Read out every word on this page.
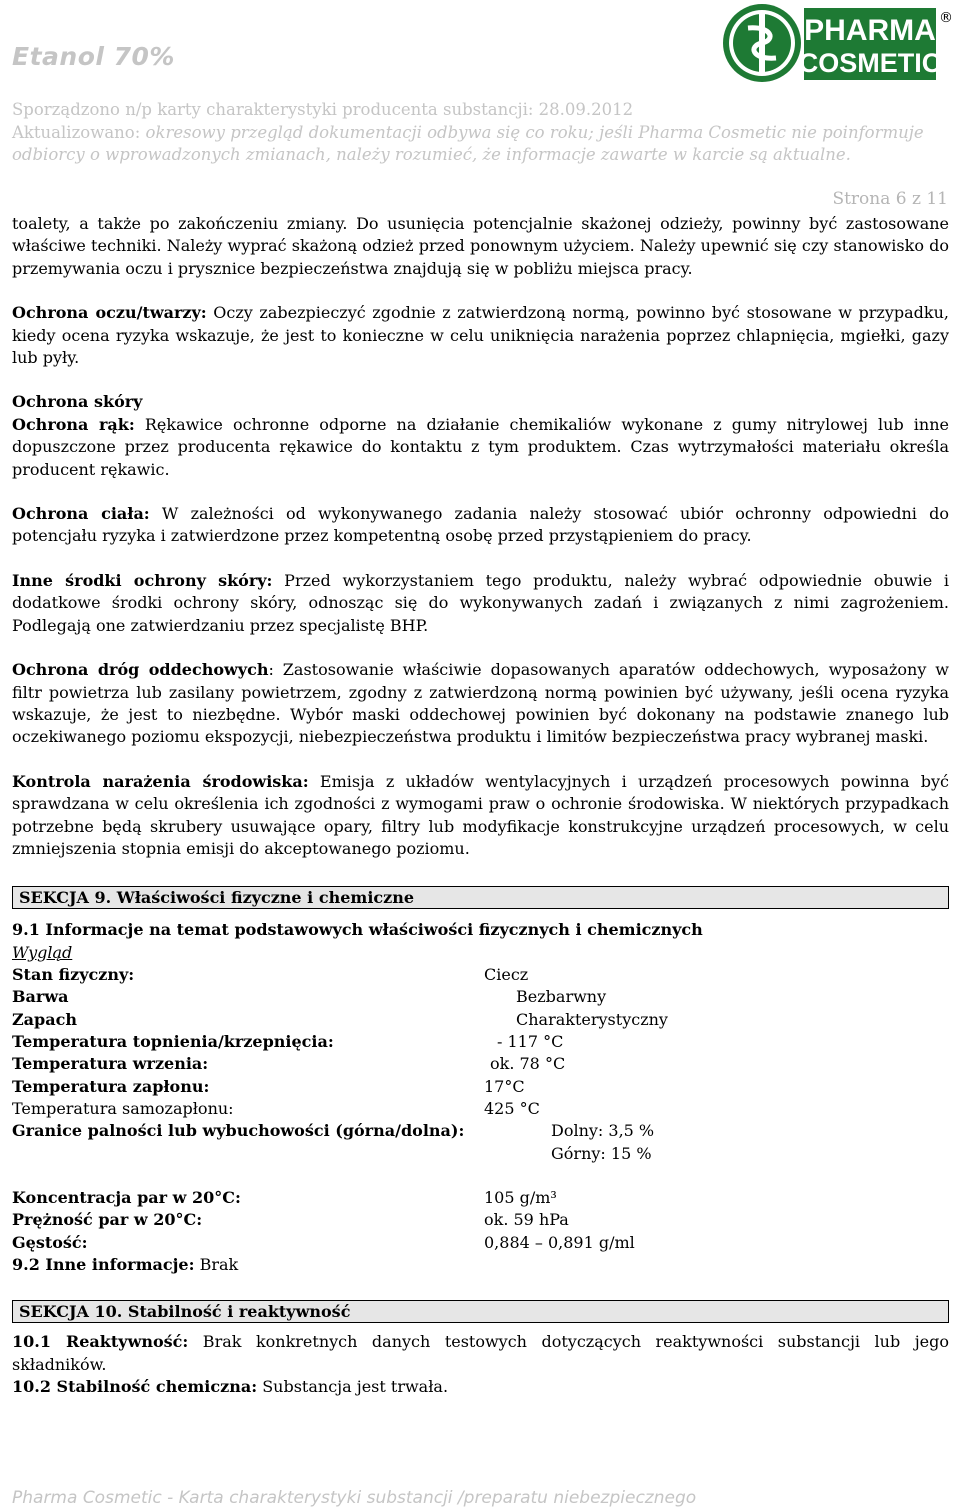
Etanol 70%
PHARMA
COSMETIC
®
Sporządzono n/p karty charakterystyki producenta substancji: 28.09.2012
Aktualizowano: okresowy przegląd dokumentacji odbywa się co roku; jeśli Pharma Cosmetic nie poinformuje odbiorcy o wprowadzonych zmianach, należy rozumieć, że informacje zawarte w karcie są aktualne.
Strona 6 z 11

toalety, a także po zakończeniu zmiany. Do usunięcia potencjalnie skażonej odzieży, powinny być zastosowane właściwe techniki. Należy wyprać skażoną odzież przed ponownym użyciem. Należy upewnić się czy stanowisko do przemywania oczu i prysznice bezpieczeństwa znajdują się w pobliżu miejsca pracy.

Ochrona oczu/twarzy: Oczy zabezpieczyć zgodnie z zatwierdzoną normą, powinno być stosowane w przypadku, kiedy ocena ryzyka wskazuje, że jest to konieczne w celu uniknięcia narażenia poprzez chlapnięcia, mgiełki, gazy lub pyły.

Ochrona skóry

Ochrona rąk: Rękawice ochronne odporne na działanie chemikaliów wykonane z gumy nitrylowej lub inne dopuszczone przez producenta rękawice do kontaktu z tym produktem. Czas wytrzymałości materiału określa producent rękawic.

Ochrona ciała: W zależności od wykonywanego zadania należy stosować ubiór ochronny odpowiedni do potencjału ryzyka i zatwierdzone przez kompetentną osobę przed przystąpieniem do pracy.

Inne środki ochrony skóry: Przed wykorzystaniem tego produktu, należy wybrać odpowiednie obuwie i dodatkowe środki ochrony skóry, odnosząc się do wykonywanych zadań i związanych z nimi zagrożeniem. Podlegają one zatwierdzaniu przez specjalistę BHP.

Ochrona dróg oddechowych: Zastosowanie właściwie dopasowanych aparatów oddechowych, wyposażony w filtr powietrza lub zasilany powietrzem, zgodny z zatwierdzoną normą powinien być używany, jeśli ocena ryzyka wskazuje, że jest to niezbędne. Wybór maski oddechowej powinien być dokonany na podstawie znanego lub oczekiwanego poziomu ekspozycji, niebezpieczeństwa produktu i limitów bezpieczeństwa pracy wybranej maski.

Kontrola narażenia środowiska: Emisja z układów wentylacyjnych i urządzeń procesowych powinna być sprawdzana w celu określenia ich zgodności z wymogami praw o ochronie środowiska. W niektórych przypadkach potrzebne będą skrubery usuwające opary, filtry lub modyfikacje konstrukcyjne urządzeń procesowych, w celu zmniejszenia stopnia emisji do akceptowanego poziomu.

SEKCJA 9. Właściwości fizyczne i chemiczne

9.1 Informacje na temat podstawowych właściwości fizycznych i chemicznych

Wygląd

Stan fizyczny:	Ciecz
Barwa	Bezbarwny
Zapach	Charakterystyczny
Temperatura topnienia/krzepnięcia:	- 117 °C
Temperatura wrzenia:	ok. 78 °C
Temperatura zapłonu:	17°C
Temperatura samozapłonu:	425 °C
Granice palności lub wybuchowości (górna/dolna):	Dolny: 3,5 %
Górny: 15 %
Koncentracja par w 20°C:	105 g/m³
Prężność par w 20°C:	ok. 59 hPa
Gęstość:	0,884 – 0,891 g/ml

9.2 Inne informacje: Brak

SEKCJA 10. Stabilność i reaktywność

10.1 Reaktywność: Brak konkretnych danych testowych dotyczących reaktywności substancji lub jego składników.

10.2 Stabilność chemiczna: Substancja jest trwała.

Pharma Cosmetic - Karta charakterystyki substancji /preparatu niebezpiecznego
